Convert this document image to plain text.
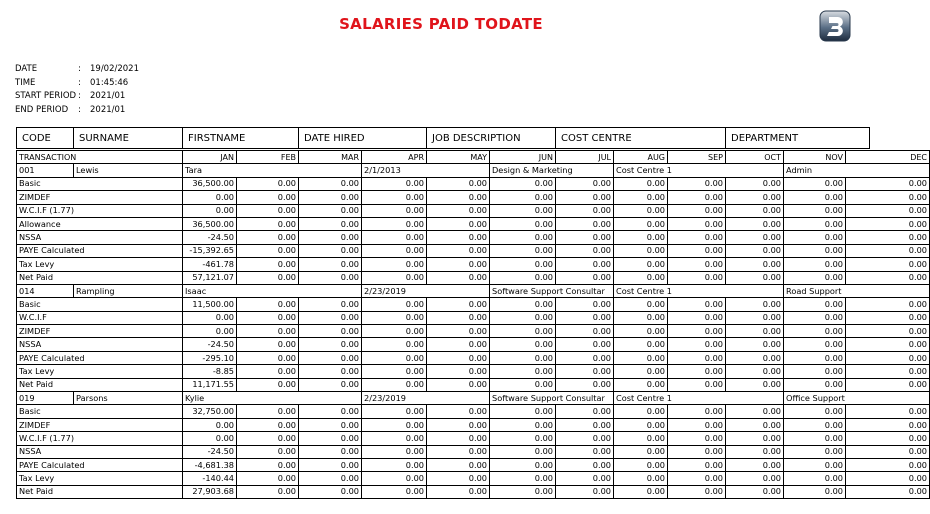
SALARIES PAID TODATE
DATE	:	19/02/2021
TIME	:	01:45:46
START PERIOD :	2021/01
END PERIOD	:	2021/01
CODE	SURNAME	FIRSTNAME	DATE HIRED	JOB DESCRIPTION	COST CENTRE	DEPARTMENT
TRANSACTION		JAN	FEB	MAR	APR	MAY	JUN	JUL	AUG	SEP	OCT	NOV	DEC	
001	Lewis	Tara			2/1/2013		Design & Marketing		Cost Centre 1			Admin		
Basic		36,500.00	0.00	0.00	0.00	0.00	0.00	0.00	0.00	0.00	0.00	0.00	0.00	
ZIMDEF		0.00	0.00	0.00	0.00	0.00	0.00	0.00	0.00	0.00	0.00	0.00	0.00	
W.C.I.F (1.77)		0.00	0.00	0.00	0.00	0.00	0.00	0.00	0.00	0.00	0.00	0.00	0.00	
Allowance		36,500.00	0.00	0.00	0.00	0.00	0.00	0.00	0.00	0.00	0.00	0.00	0.00	
NSSA		-24.50	0.00	0.00	0.00	0.00	0.00	0.00	0.00	0.00	0.00	0.00	0.00	
PAYE Calculated		-15,392.65	0.00	0.00	0.00	0.00	0.00	0.00	0.00	0.00	0.00	0.00	0.00	
Tax Levy		-461.78	0.00	0.00	0.00	0.00	0.00	0.00	0.00	0.00	0.00	0.00	0.00	
Net Paid		57,121.07	0.00	0.00	0.00	0.00	0.00	0.00	0.00	0.00	0.00	0.00	0.00	
014	Rampling	Isaac			2/23/2019		Software Support Consultar		Cost Centre 1			Road Support		
Basic		11,500.00	0.00	0.00	0.00	0.00	0.00	0.00	0.00	0.00	0.00	0.00	0.00	
W.C.I.F		0.00	0.00	0.00	0.00	0.00	0.00	0.00	0.00	0.00	0.00	0.00	0.00	
ZIMDEF		0.00	0.00	0.00	0.00	0.00	0.00	0.00	0.00	0.00	0.00	0.00	0.00	
NSSA		-24.50	0.00	0.00	0.00	0.00	0.00	0.00	0.00	0.00	0.00	0.00	0.00	
PAYE Calculated		-295.10	0.00	0.00	0.00	0.00	0.00	0.00	0.00	0.00	0.00	0.00	0.00	
Tax Levy		-8.85	0.00	0.00	0.00	0.00	0.00	0.00	0.00	0.00	0.00	0.00	0.00	
Net Paid		11,171.55	0.00	0.00	0.00	0.00	0.00	0.00	0.00	0.00	0.00	0.00	0.00	
019	Parsons	Kylie			2/23/2019		Software Support Consultar		Cost Centre 1			Office Support		
Basic		32,750.00	0.00	0.00	0.00	0.00	0.00	0.00	0.00	0.00	0.00	0.00	0.00	
ZIMDEF		0.00	0.00	0.00	0.00	0.00	0.00	0.00	0.00	0.00	0.00	0.00	0.00	
W.C.I.F (1.77)		0.00	0.00	0.00	0.00	0.00	0.00	0.00	0.00	0.00	0.00	0.00	0.00	
NSSA		-24.50	0.00	0.00	0.00	0.00	0.00	0.00	0.00	0.00	0.00	0.00	0.00	
PAYE Calculated		-4,681.38	0.00	0.00	0.00	0.00	0.00	0.00	0.00	0.00	0.00	0.00	0.00	
Tax Levy		-140.44	0.00	0.00	0.00	0.00	0.00	0.00	0.00	0.00	0.00	0.00	0.00	
Net Paid		27,903.68	0.00	0.00	0.00	0.00	0.00	0.00	0.00	0.00	0.00	0.00	0.00	
